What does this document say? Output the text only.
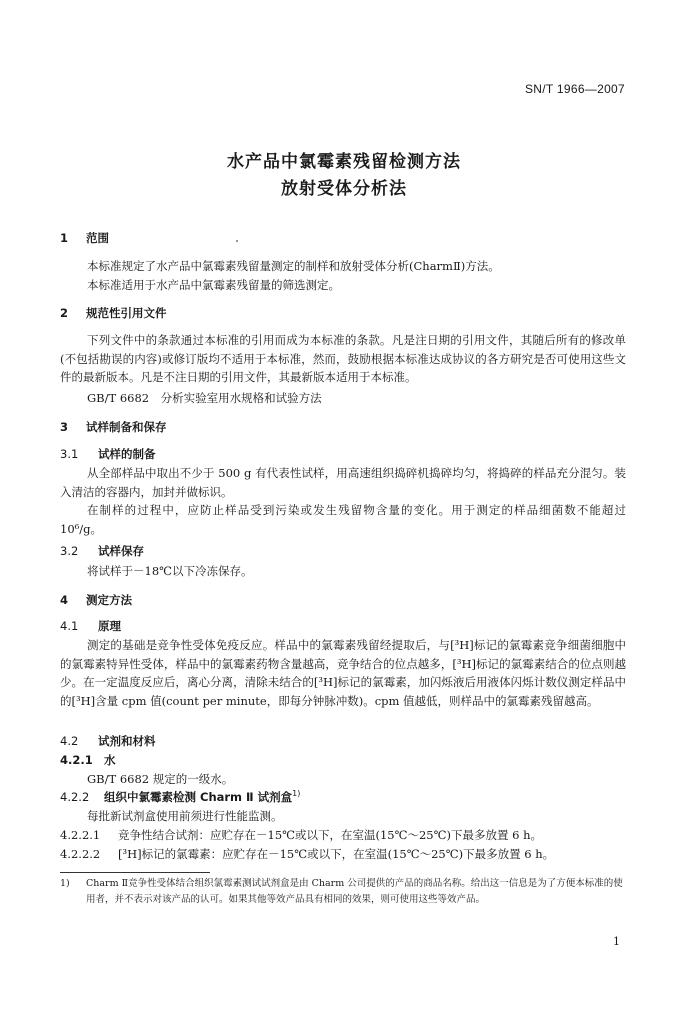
SN/T 1966—2007
水产品中氯霉素残留检测方法
放射受体分析法
1 范围
本标准规定了水产品中氯霉素残留量测定的制样和放射受体分析(CharmⅡ)方法。
本标准适用于水产品中氯霉素残留量的筛选测定。
2 规范性引用文件
下列文件中的条款通过本标准的引用而成为本标准的条款。凡是注日期的引用文件，其随后所有的修改单(不包括勘误的内容)或修订版均不适用于本标准，然而，鼓励根据本标准达成协议的各方研究是否可使用这些文件的最新版本。凡是不注日期的引用文件，其最新版本适用于本标准。
GB/T 6682　分析实验室用水规格和试验方法
3 试样制备和保存
3.1 试样的制备
从全部样品中取出不少于 500 g 有代表性试样，用高速组织捣碎机捣碎均匀，将捣碎的样品充分混匀。装入清洁的容器内，加封并做标识。
在制样的过程中，应防止样品受到污染或发生残留物含量的变化。用于测定的样品细菌数不能超过 10⁶/g。
3.2 试样保存
将试样于－18℃以下冷冻保存。
4 测定方法
4.1 原理
测定的基础是竞争性受体免疫反应。样品中的氯霉素残留经提取后，与[³H]标记的氯霉素竞争细菌细胞中的氯霉素特异性受体，样品中的氯霉素药物含量越高，竞争结合的位点越多，[³H]标记的氯霉素结合的位点则越少。在一定温度反应后，离心分离，清除未结合的[³H]标记的氯霉素，加闪烁液后用液体闪烁计数仪测定样品中的[³H]含量 cpm 值(count per minute，即每分钟脉冲数)。cpm 值越低，则样品中的氯霉素残留越高。
4.2 试剂和材料
4.2.1 水
GB/T 6682 规定的一级水。
4.2.2 组织中氯霉素检测 Charm Ⅱ 试剂盒$^{1)}$
每批新试剂盒使用前须进行性能监测。
4.2.2.1 竞争性结合试剂：应贮存在－15℃或以下，在室温(15℃～25℃)下最多放置 6 h。
4.2.2.2 [³H]标记的氯霉素：应贮存在－15℃或以下，在室温(15℃～25℃)下最多放置 6 h。
1) Charm Ⅱ竞争性受体结合组织氯霉素测试试剂盒是由 Charm 公司提供的产品的商品名称。给出这一信息是为了方便本标准的使用者，并不表示对该产品的认可。如果其他等效产品具有相同的效果，则可使用这些等效产品。
1
